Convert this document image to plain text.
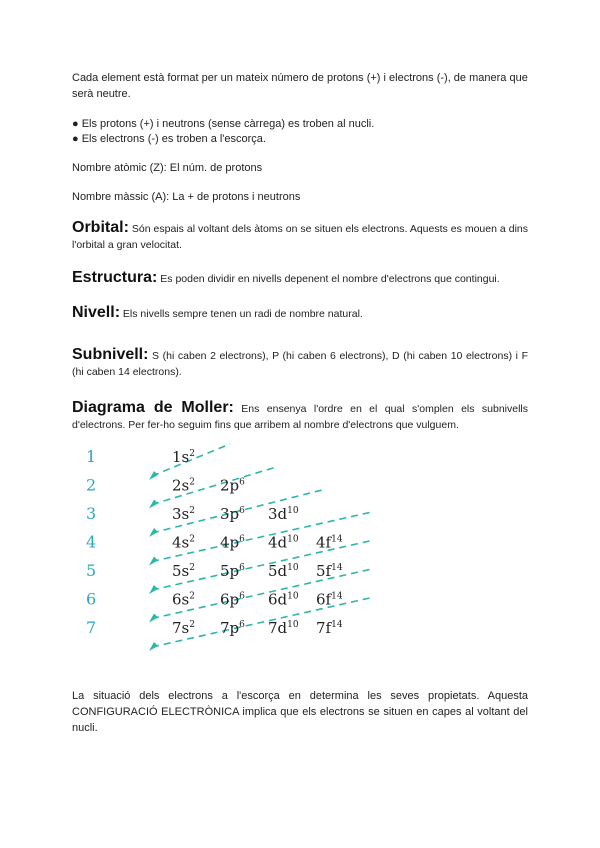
Cada element està format per un mateix número de protons (+) i electrons (-), de manera que serà neutre.
● Els protons (+) i neutrons (sense càrrega) es troben al nucli.
● Els electrons (-) es troben a l'escorça.
Nombre atòmic (Z): El núm. de protons
Nombre màssic (A): La + de protons i neutrons
Orbital: Són espais al voltant dels àtoms on se situen els electrons. Aquests es mouen a dins l'orbital a gran velocitat.
Estructura: Es poden dividir en nivells depenent el nombre d'electrons que contingui.
Nivell: Els nivells sempre tenen un radi de nombre natural.
Subnivell: S (hi caben 2 electrons), P (hi caben 6 electrons), D (hi caben 10 electrons) i F (hi caben 14 electrons).
Diagrama de Moller: Ens ensenya l'ordre en el qual s'omplen els subnivells d'electrons. Per fer-ho seguim fins que arribem al nombre d'electrons que vulguem.
1
2
3
4
5
6
7
$1s^2$
$2s^2$ $2p^6$
$3s^2$ $3p^6$ $3d^{10}$
$4s^2$ $4p^6$ $4d^{10}$ $4f^{14}$
$5s^2$ $5p^6$ $5d^{10}$ $5f^{14}$
$6s^2$ $6p^6$ $6d^{10}$ $6f^{14}$
$7s^2$ $7p^6$ $7d^{10}$ $7f^{14}$
La situació dels electrons a l'escorça en determina les seves propietats. Aquesta CONFIGURACIÓ ELECTRÒNICA implica que els electrons se situen en capes al voltant del nucli.
